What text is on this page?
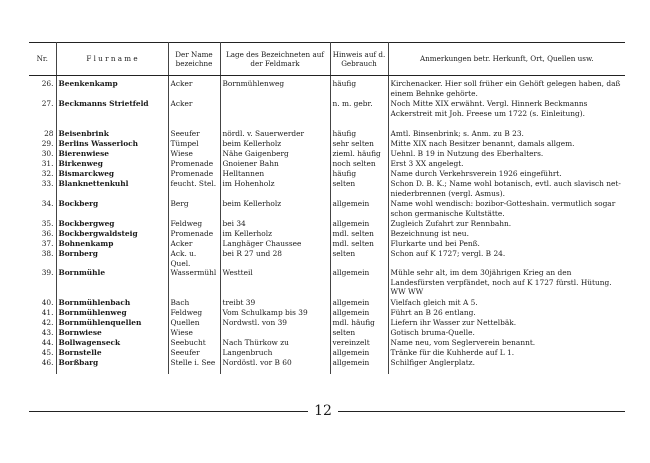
Nr.	F l u r n a m e	Der Name bezeichne	Lage des Bezeichneten auf der Feldmark	Hinweis auf d. Gebrauch	Anmerkungen betr. Herkunft, Ort, Quellen usw.

26.	Beenkenkamp	Acker	Bornmühlenweg	häufig	Kirchenacker. Hier soll früher ein Gehöft gelegen haben, daß einem Behnke gehörte.
27.	Beckmanns Strietfeld	Acker		n. m. gebr.	Noch Mitte XIX erwähnt. Vergl. Hinnerk Beckmanns Ackerstreit mit Joh. Freese um 1722 (s. Einleitung).
28	Beisenbrink	Seeufer	nördl. v. Sauerwerder	häufig	Amtl. Binsenbrink; s. Anm. zu B 23.
29.	Berlins Wasserloch	Tümpel	beim Kellerholz	sehr selten	Mitte XIX nach Besitzer benannt, damals allgem.
30.	Bierenwiese	Wiese	Nähe Gaigenberg	zieml. häufig	Uehnl. B 19 in Nutzung des Eberhalters.
31.	Birkenweg	Promenade	Gnoiener Bahn	noch selten	Erst 3 XX angelegt.
32.	Bismarckweg	Promenade	Helltannen	häufig	Name durch Verkehrsverein 1926 eingeführt.
33.	Blanknettenkuhl	feucht. Stel.	im Hohenholz	selten	Schon D. B. K.; Name wohl botanisch, evtl. auch slavisch net- niederbrennen (vergl. Asmus).
34.	Bockberg	Berg	beim Kellerholz	allgemein	Name wohl wendisch: bozibor-Gotteshain. vermutlich sogar schon germanische Kultstätte.
35.	Bockbergweg	Feldweg	bei 34	allgemein	Zugleich Zufahrt zur Rennbahn.
36.	Bockbergwaldsteig	Promenade	im Kellerholz	mdl. selten	Bezeichnung ist neu.
37.	Bohnenkamp	Acker	Langhäger Chaussee	mdl. selten	Flurkarte und bei Penß.
38.	Bornberg	Ack. u. Quel.	bei R 27 und 28	selten	Schon auf K 1727; vergl. B 24.
39.	Bornmühle	Wassermühl	Westteil	allgemein	Mühle sehr alt, im dem 30jährigen Krieg an den Landesfürsten verpfändet, noch auf K 1727 fürstl. Hütung. WW WW
40.	Bornmühlenbach	Bach	treibt 39	allgemein	Vielfach gleich mit A 5.
41.	Bornmühlenweg	Feldweg	Vom Schulkamp bis 39	allgemein	Führt an B 26 entlang.
42.	Bornmühlenquellen	Quellen	Nordwstl. von 39	mdl. häufig	Liefern ihr Wasser zur Nettelbäk.
43.	Bornwiese	Wiese		selten	Gotisch bruma-Quelle.
44.	Bollwagenseck	Seebucht	Nach Thürkow zu	vereinzelt	Name neu, vom Seglerverein benannt.
45.	Bornstelle	Seeufer	Langenbruch	allgemein	Tränke für die Kuhherde auf L 1.
46.	Borßbarg	Stelle i. See	Nordöstl. vor B 60	allgemein	Schilfiger Anglerplatz.

12
